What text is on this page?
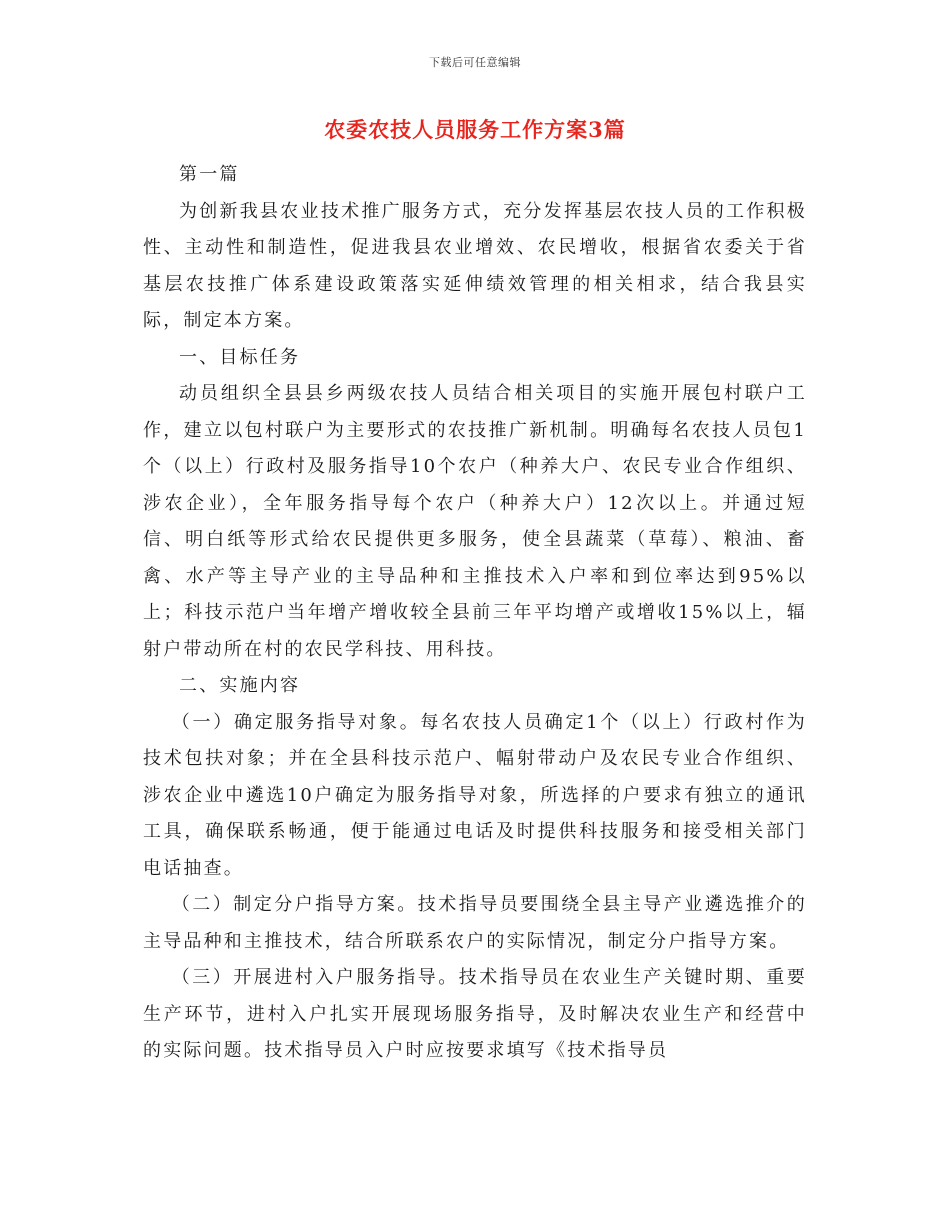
下载后可任意编辑
农委农技人员服务工作方案3篇

第一篇

为创新我县农业技术推广服务方式，充分发挥基层农技人员的工作积极性、主动性和制造性，促进我县农业增效、农民增收，根据省农委关于省基层农技推广体系建设政策落实延伸绩效管理的相关相求，结合我县实际，制定本方案。

一、目标任务

动员组织全县县乡两级农技人员结合相关项目的实施开展包村联户工作，建立以包村联户为主要形式的农技推广新机制。明确每名农技人员包1个（以上）行政村及服务指导10个农户（种养大户、农民专业合作组织、涉农企业），全年服务指导每个农户（种养大户）12次以上。并通过短信、明白纸等形式给农民提供更多服务，使全县蔬菜（草莓）、粮油、畜禽、水产等主导产业的主导品种和主推技术入户率和到位率达到95%以上；科技示范户当年增产增收较全县前三年平均增产或增收15%以上，辐射户带动所在村的农民学科技、用科技。

二、实施内容

（一）确定服务指导对象。每名农技人员确定1个（以上）行政村作为技术包扶对象；并在全县科技示范户、幅射带动户及农民专业合作组织、涉农企业中遴选10户确定为服务指导对象，所选择的户要求有独立的通讯工具，确保联系畅通，便于能通过电话及时提供科技服务和接受相关部门电话抽查。

（二）制定分户指导方案。技术指导员要围绕全县主导产业遴选推介的主导品种和主推技术，结合所联系农户的实际情况，制定分户指导方案。

（三）开展进村入户服务指导。技术指导员在农业生产关键时期、重要生产环节，进村入户扎实开展现场服务指导，及时解决农业生产和经营中的实际问题。技术指导员入户时应按要求填写《技术指导员
